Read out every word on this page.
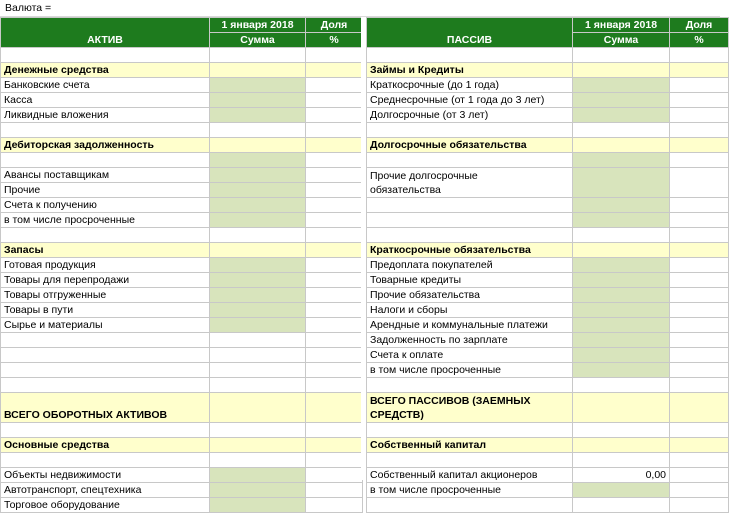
Валюта =
АКТИВ	1 января 2018	Доля
	Сумма	%

Денежные средства		
Банковские счета		
Касса		
Ликвидные вложения		

Дебиторская задолженность		

Авансы поставщикам		
Прочие		
Счета к получению		
в том числе просроченные		

Запасы		
Готовая продукция		
Товары для перепродажи		
Товары отгруженные		
Товары в пути		
Сырье и материалы		

ВСЕГО ОБОРОТНЫХ АКТИВОВ		

Основные средства		

Объекты недвижимости		
Автотранспорт, спецтехника		
Торговое оборудование		
ПАССИВ	1 января 2018	Доля
	Сумма	%

Займы и Кредиты		
Краткосрочные (до 1 года)		
Среднесрочные (от 1 года до 3 лет)		
Долгосрочные (от 3 лет)		

Долгосрочные обязательства		

Прочие долгосрочные
обязательства		

Краткосрочные обязательства		
Предоплата покупателей		
Товарные кредиты		
Прочие обязательства		
Налоги и сборы		
Арендные и коммунальные платежи		
Задолженность по зарплате		
Счета к оплате		
в том числе просроченные		

ВСЕГО ПАССИВОВ (ЗАЕМНЫХ
СРЕДСТВ)		

Собственный капитал		

Собственный капитал акционеров	0,00	
в том числе просроченные		
